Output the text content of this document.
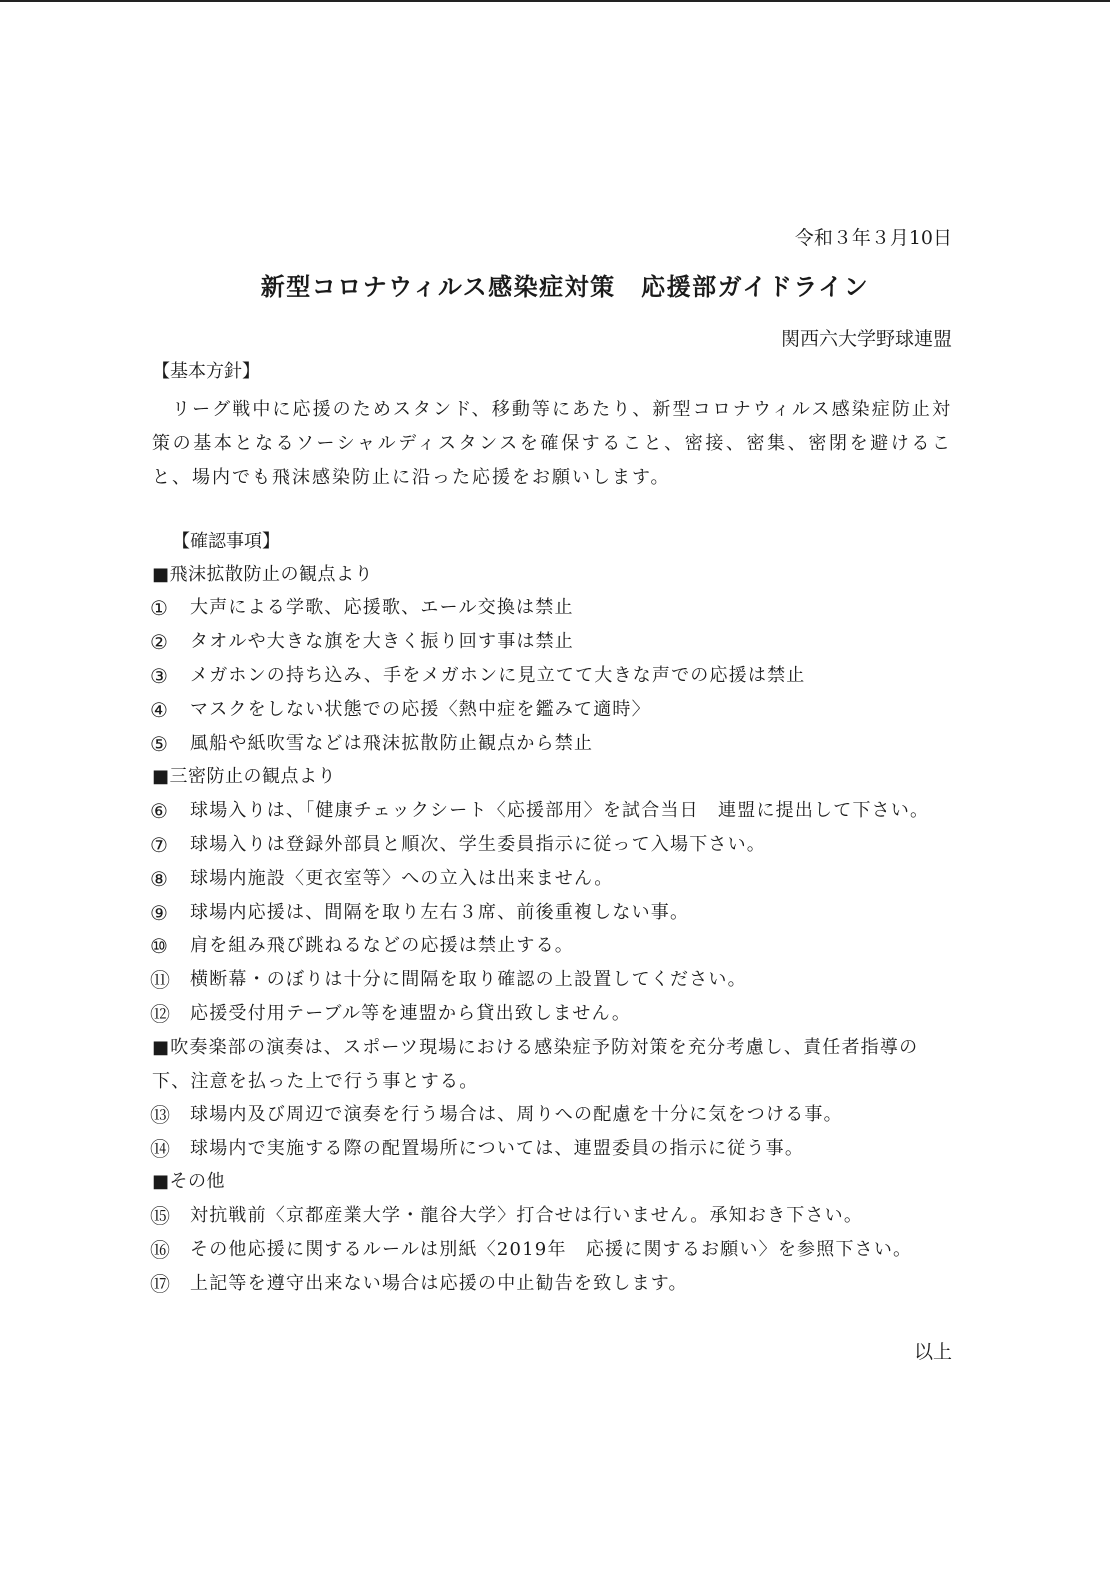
令和３年３月10日
新型コロナウィルス感染症対策　応援部ガイドライン
関西六大学野球連盟
【基本方針】
リーグ戦中に応援のためスタンド、移動等にあたり、新型コロナウィルス感染症防止対策の基本となるソーシャルディスタンスを確保すること、密接、密集、密閉を避けること、場内でも飛沫感染防止に沿った応援をお願いします。
【確認事項】
■飛沫拡散防止の観点より
① 大声による学歌、応援歌、エール交換は禁止
② タオルや大きな旗を大きく振り回す事は禁止
③ メガホンの持ち込み、手をメガホンに見立てて大きな声での応援は禁止
④ マスクをしない状態での応援〈熱中症を鑑みて適時〉
⑤ 風船や紙吹雪などは飛沫拡散防止観点から禁止
■三密防止の観点より
⑥ 球場入りは、「健康チェックシート〈応援部用〉を試合当日　連盟に提出して下さい。
⑦ 球場入りは登録外部員と順次、学生委員指示に従って入場下さい。
⑧ 球場内施設〈更衣室等〉への立入は出来ません。
⑨ 球場内応援は、間隔を取り左右３席、前後重複しない事。
⑩ 肩を組み飛び跳ねるなどの応援は禁止する。
⑪ 横断幕・のぼりは十分に間隔を取り確認の上設置してください。
⑫ 応援受付用テーブル等を連盟から貸出致しません。
■吹奏楽部の演奏は、スポーツ現場における感染症予防対策を充分考慮し、責任者指導の下、注意を払った上で行う事とする。
⑬ 球場内及び周辺で演奏を行う場合は、周りへの配慮を十分に気をつける事。
⑭ 球場内で実施する際の配置場所については、連盟委員の指示に従う事。
■その他
⑮ 対抗戦前〈京都産業大学・龍谷大学〉打合せは行いません。承知おき下さい。
⑯ その他応援に関するルールは別紙〈2019年　応援に関するお願い〉を参照下さい。
⑰ 上記等を遵守出来ない場合は応援の中止勧告を致します。
以上
